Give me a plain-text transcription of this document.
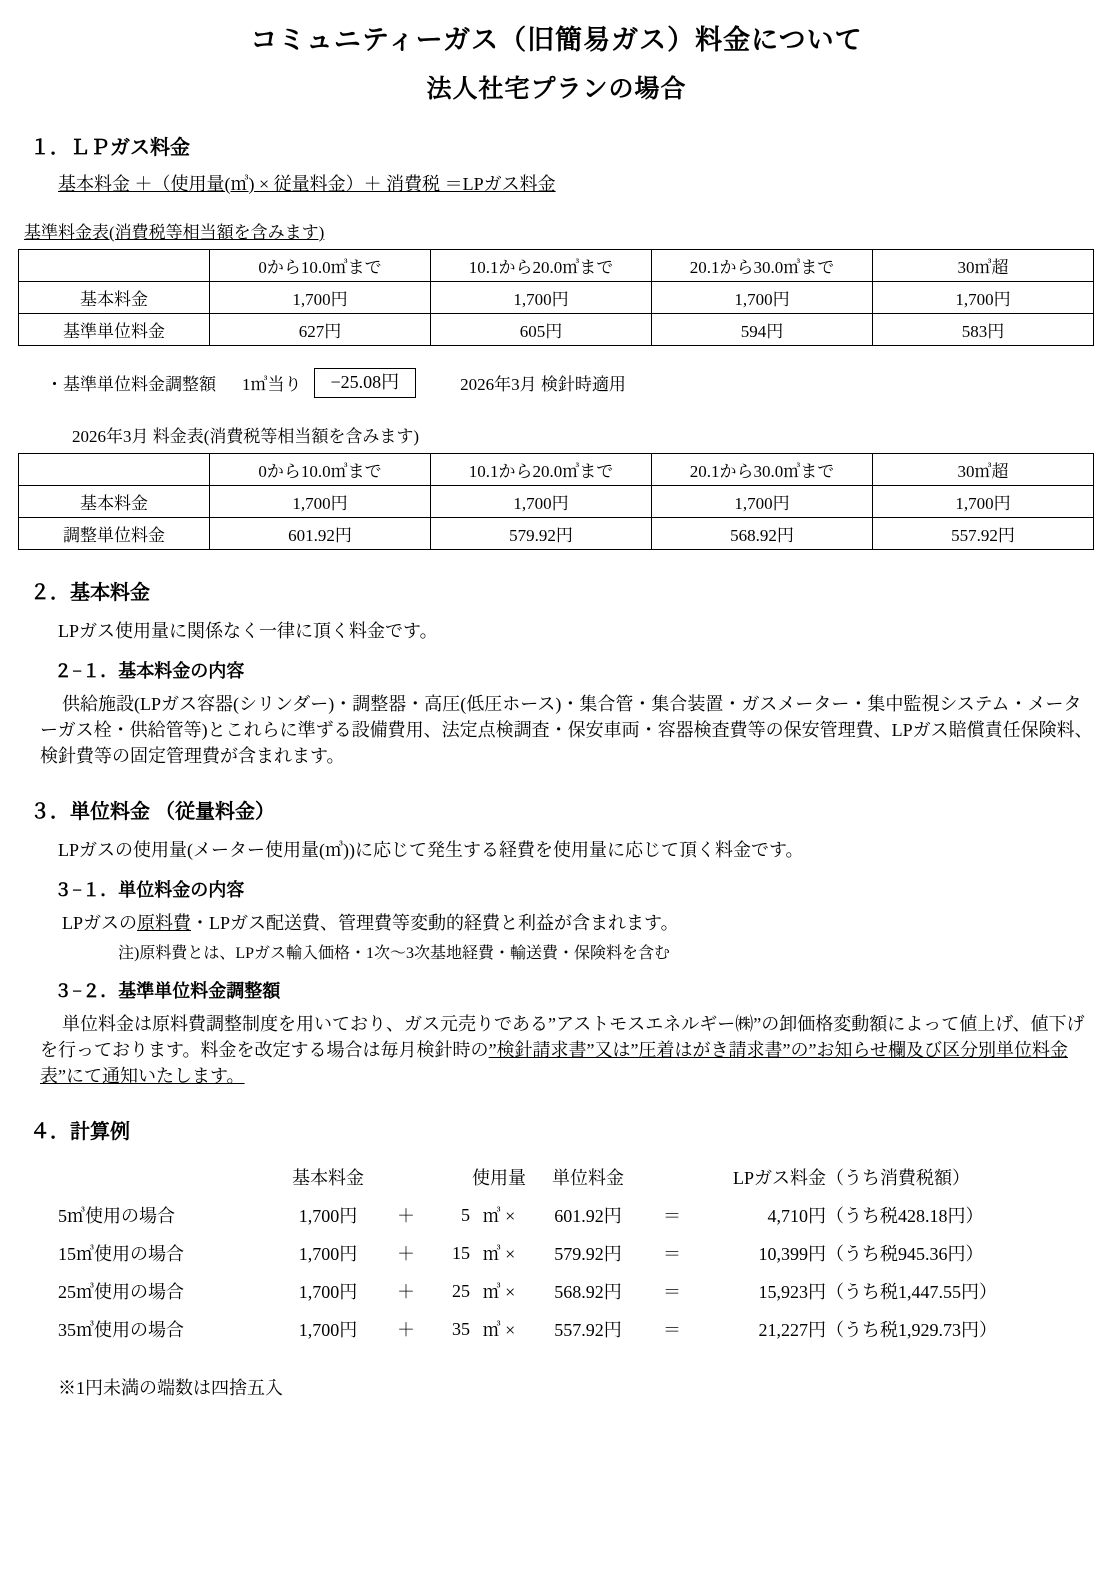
コミュニティーガス（旧簡易ガス）料金について
法人社宅プランの場合
１．ＬＰガス料金
基本料金 ＋（使用量(㎥) × 従量料金）＋ 消費税 ＝LPガス料金
基準料金表(消費税等相当額を含みます)
	0から10.0㎥まで	10.1から20.0㎥まで	20.1から30.0㎥まで	30㎥超
基本料金	1,700円	1,700円	1,700円	1,700円
基準単位料金	627円	605円	594円	583円
・基準単位料金調整額 1㎥当り	−25.08円	2026年3月 検針時適用
2026年3月 料金表(消費税等相当額を含みます)
	0から10.0㎥まで	10.1から20.0㎥まで	20.1から30.0㎥まで	30㎥超
基本料金	1,700円	1,700円	1,700円	1,700円
調整単位料金	601.92円	579.92円	568.92円	557.92円
２．基本料金
LPガス使用量に関係なく一律に頂く料金です。
２−１．基本料金の内容
供給施設(LPガス容器(シリンダー)・調整器・高圧(低圧ホース)・集合管・集合装置・ガスメーター・集中監視システム・メーターガス栓・供給管等)とこれらに準ずる設備費用、法定点検調査・保安車両・容器検査費等の保安管理費、LPガス賠償責任保険料、検針費等の固定管理費が含まれます。
３．単位料金 （従量料金）
LPガスの使用量(メーター使用量(㎥))に応じて発生する経費を使用量に応じて頂く料金です。
３−１．単位料金の内容
LPガスの原料費・LPガス配送費、管理費等変動的経費と利益が含まれます。
注)原料費とは、LPガス輸入価格・1次～3次基地経費・輸送費・保険料を含む
３−２．基準単位料金調整額
単位料金は原料費調整制度を用いており、ガス元売りである”アストモスエネルギー㈱”の卸価格変動額によって値上げ、値下げを行っております。料金を改定する場合は毎月検針時の”検針請求書”又は”圧着はがき請求書”の”お知らせ欄及び区分別単位料金表”にて通知いたします。
４．計算例
	基本料金			使用量	単位料金		LPガス料金	（うち消費税額）
5㎥使用の場合	1,700円	＋	5	㎥ ×	601.92円	＝	4,710円	（うち税428.18円）
15㎥使用の場合	1,700円	＋	15	㎥ ×	579.92円	＝	10,399円	（うち税945.36円）
25㎥使用の場合	1,700円	＋	25	㎥ ×	568.92円	＝	15,923円	（うち税1,447.55円）
35㎥使用の場合	1,700円	＋	35	㎥ ×	557.92円	＝	21,227円	（うち税1,929.73円）
※1円未満の端数は四捨五入
